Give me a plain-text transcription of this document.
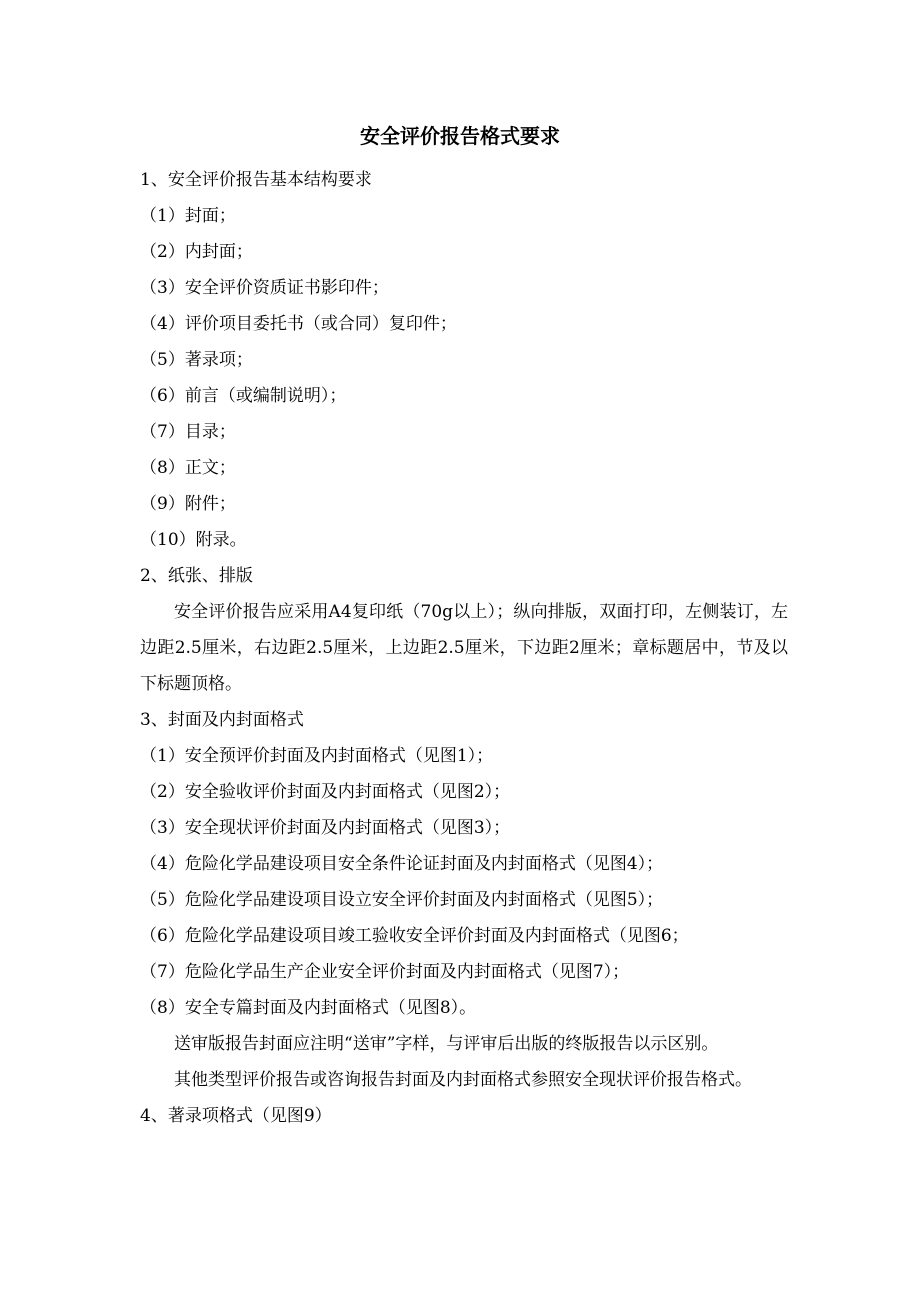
安全评价报告格式要求
1、安全评价报告基本结构要求
（1）封面；
（2）内封面；
（3）安全评价资质证书影印件；
（4）评价项目委托书（或合同）复印件；
（5）著录项；
（6）前言（或编制说明）；
（7）目录；
（8）正文；
（9）附件；
（10）附录。
2、纸张、排版

安全评价报告应采用A4复印纸（70g以上）；纵向排版，双面打印，左侧装订，左边距2.5厘米，右边距2.5厘米，上边距2.5厘米，下边距2厘米；章标题居中，节及以下标题顶格。

3、封面及内封面格式
（1）安全预评价封面及内封面格式（见图1）；
（2）安全验收评价封面及内封面格式（见图2）；
（3）安全现状评价封面及内封面格式（见图3）；
（4）危险化学品建设项目安全条件论证封面及内封面格式（见图4）；
（5）危险化学品建设项目设立安全评价封面及内封面格式（见图5）；
（6）危险化学品建设项目竣工验收安全评价封面及内封面格式（见图6；
（7）危险化学品生产企业安全评价封面及内封面格式（见图7）；
（8）安全专篇封面及内封面格式（见图8）。

送审版报告封面应注明“送审”字样，与评审后出版的终版报告以示区别。

其他类型评价报告或咨询报告封面及内封面格式参照安全现状评价报告格式。

4、著录项格式（见图9）
